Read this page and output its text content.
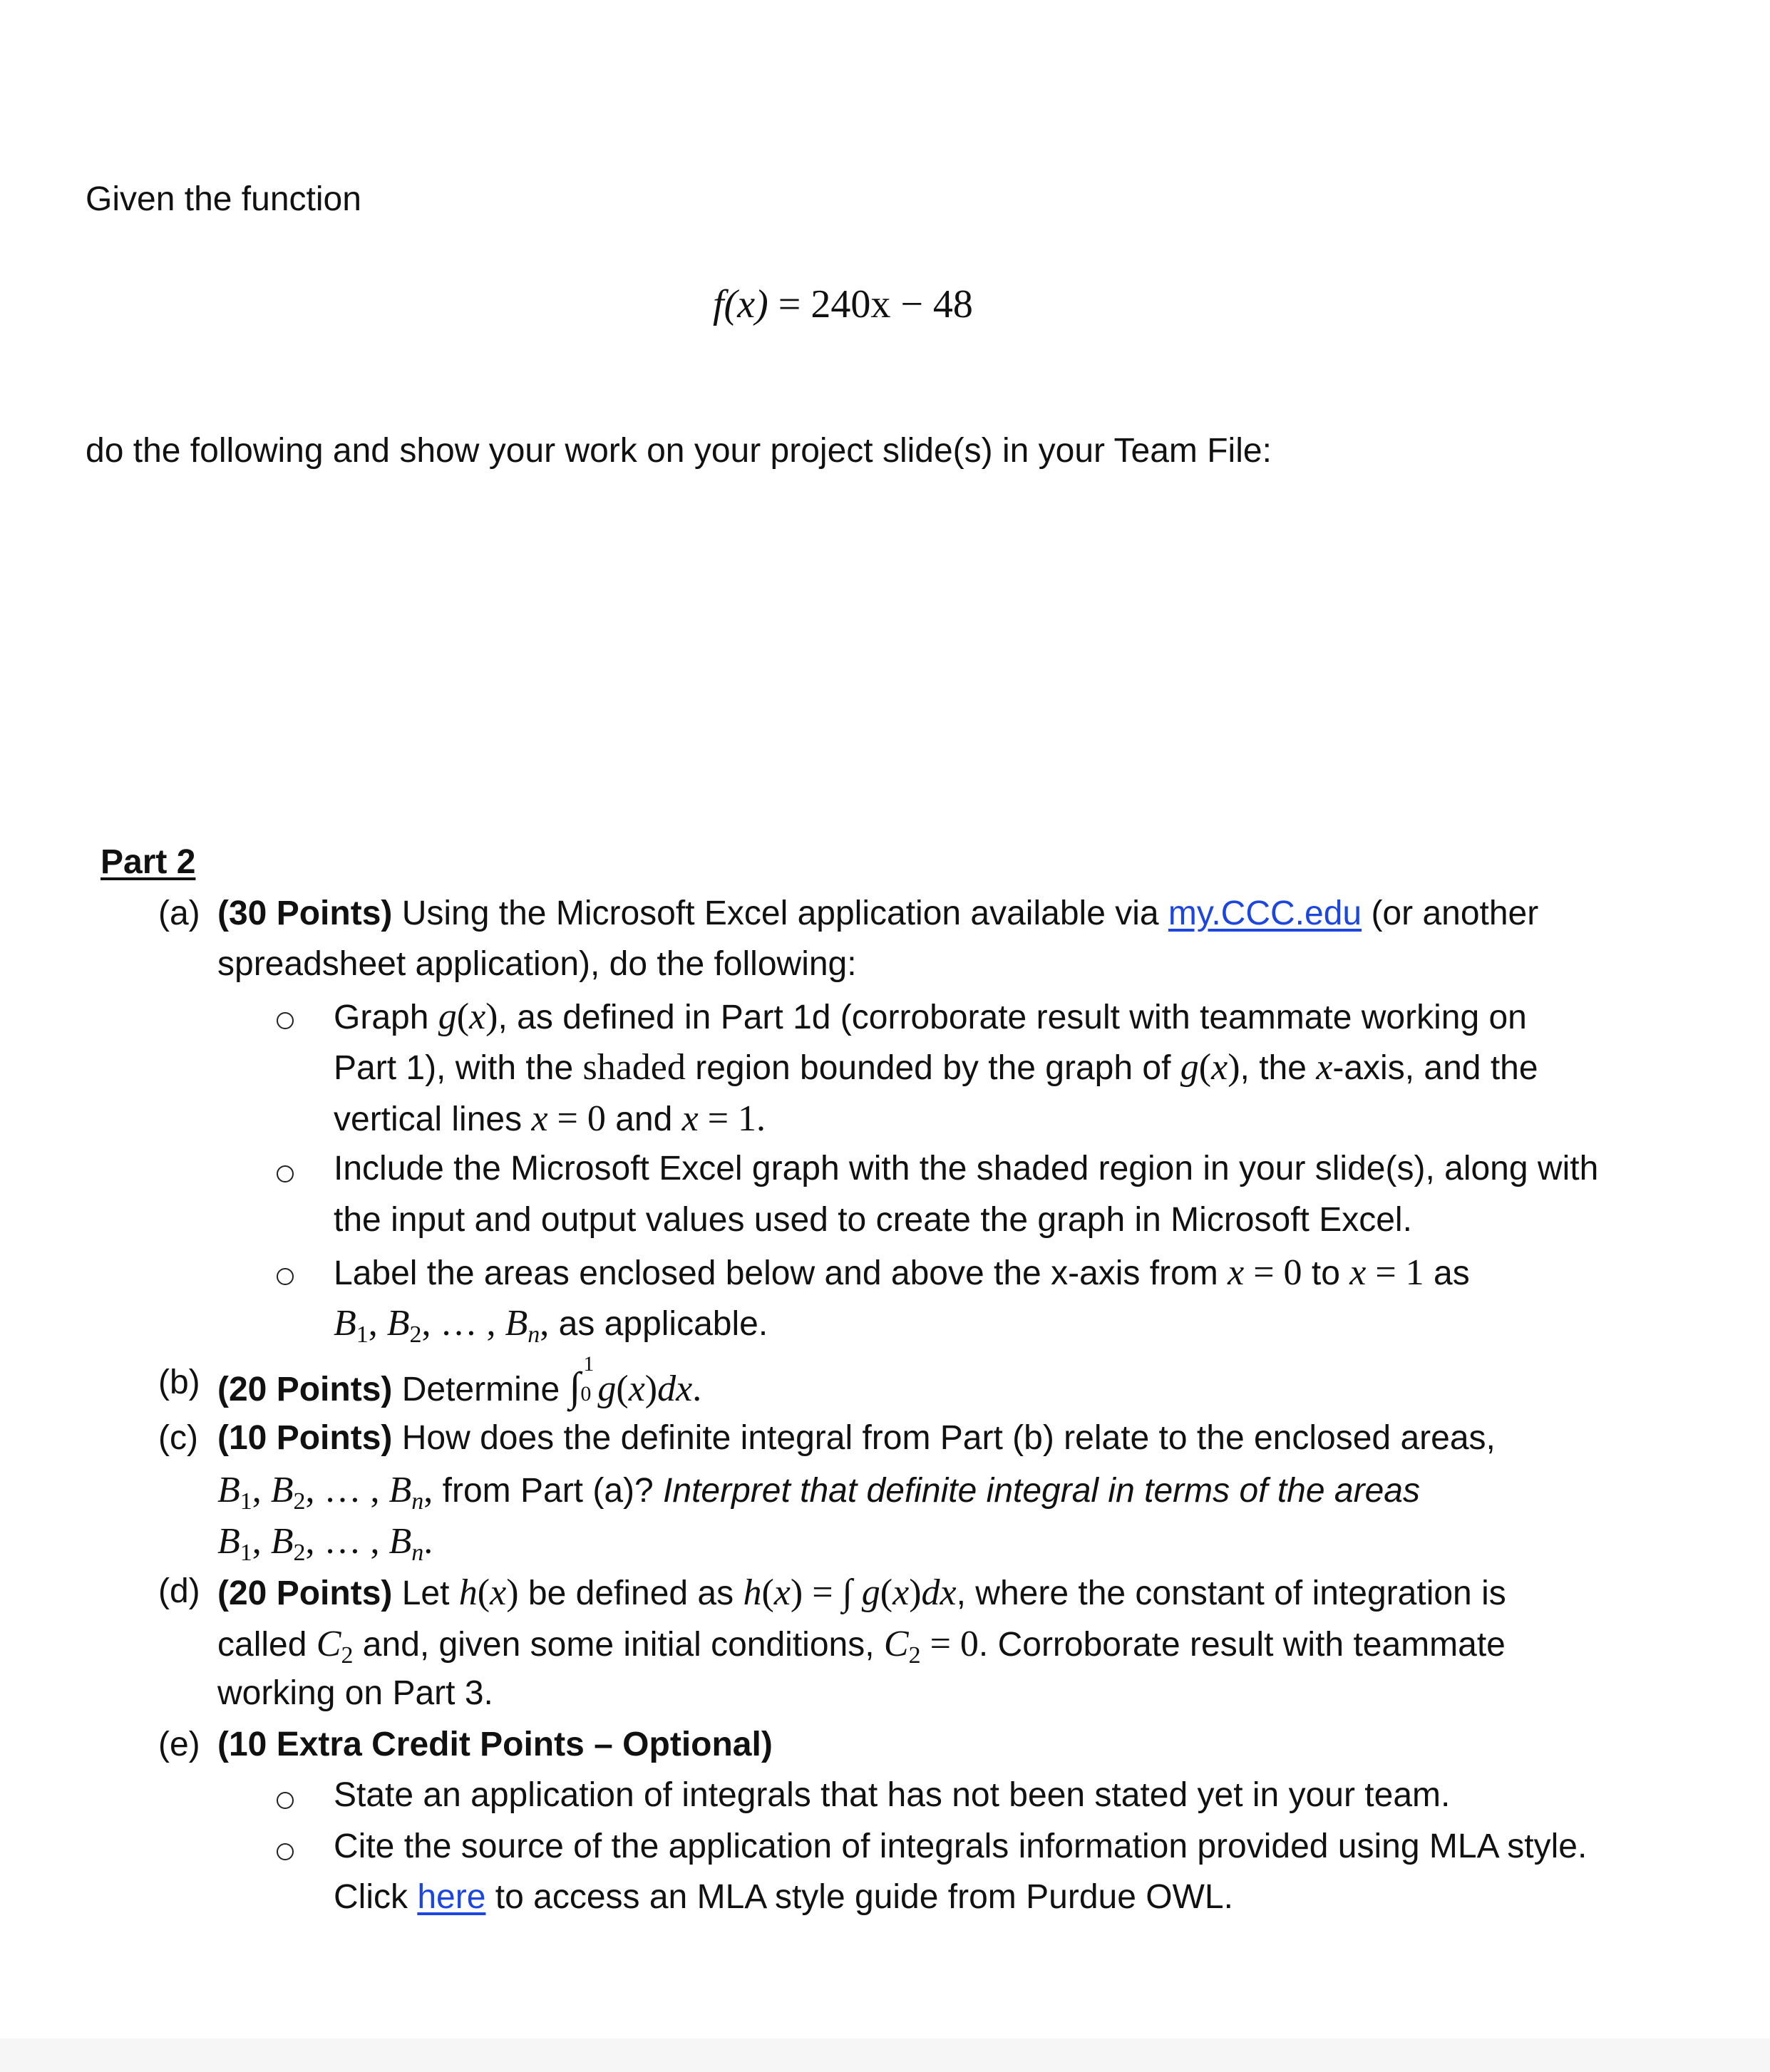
Given the function
f(x) = 240x − 48
do the following and show your work on your project slide(s) in your Team File:
Part 2
(a) (30 Points) Using the Microsoft Excel application available via my.CCC.edu (or another
spreadsheet application), do the following:
Graph g(x), as defined in Part 1d (corroborate result with teammate working on
Part 1), with the shaded region bounded by the graph of g(x), the x-axis, and the
vertical lines x = 0 and x = 1.
Include the Microsoft Excel graph with the shaded region in your slide(s), along with
the input and output values used to create the graph in Microsoft Excel.
Label the areas enclosed below and above the x-axis from x = 0 to x = 1 as
$B_1$, $B_2$, … , $B_n$, as applicable.
(b) (20 Points) Determine ∫ 1
0 g(x)dx.
(c) (10 Points) How does the definite integral from Part (b) relate to the enclosed areas,
$B_1$, $B_2$, … , $B_n$, from Part (a)? Interpret that definite integral in terms of the areas
$B_1$, $B_2$, … , $B_n$.
(d) (20 Points) Let h(x) be defined as h(x) = ∫ g(x)dx, where the constant of integration is
called $C_2$ and, given some initial conditions, $C_2 = 0$. Corroborate result with teammate
working on Part 3.
(e) (10 Extra Credit Points – Optional)
State an application of integrals that has not been stated yet in your team.
Cite the source of the application of integrals information provided using MLA style.
Click here to access an MLA style guide from Purdue OWL.
